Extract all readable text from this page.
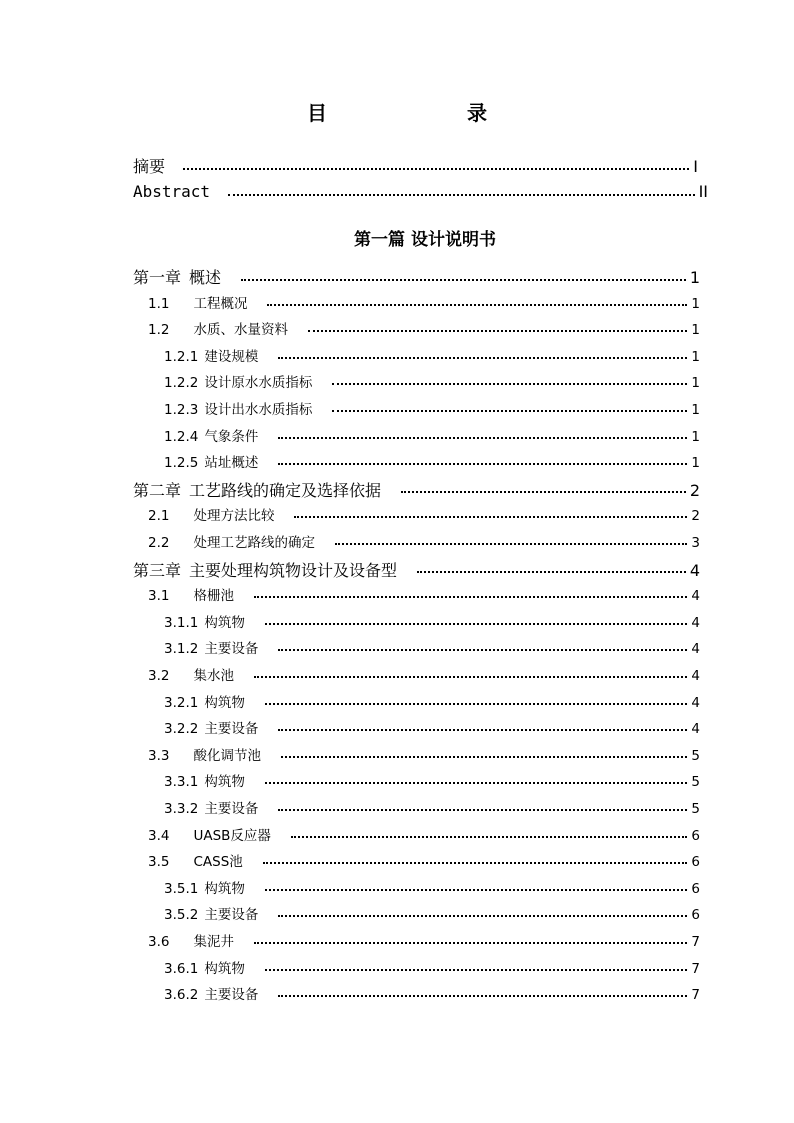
目　录
摘要	I
Abstract	II
第一篇 设计说明书
第一章 概述	1
1.1 工程概况	1
1.2 水质、水量资料	1
1.2.1 建设规模	1
1.2.2 设计原水水质指标	1
1.2.3 设计出水水质指标	1
1.2.4 气象条件	1
1.2.5 站址概述	1
第二章 工艺路线的确定及选择依据	2
2.1 处理方法比较	2
2.2 处理工艺路线的确定	3
第三章 主要处理构筑物设计及设备型	4
3.1 格栅池	4
3.1.1 构筑物	4
3.1.2 主要设备	4
3.2 集水池	4
3.2.1 构筑物	4
3.2.2 主要设备	4
3.3 酸化调节池	5
3.3.1 构筑物	5
3.3.2 主要设备	5
3.4 UASB反应器	6
3.5 CASS池	6
3.5.1 构筑物	6
3.5.2 主要设备	6
3.6 集泥井	7
3.6.1 构筑物	7
3.6.2 主要设备	7
